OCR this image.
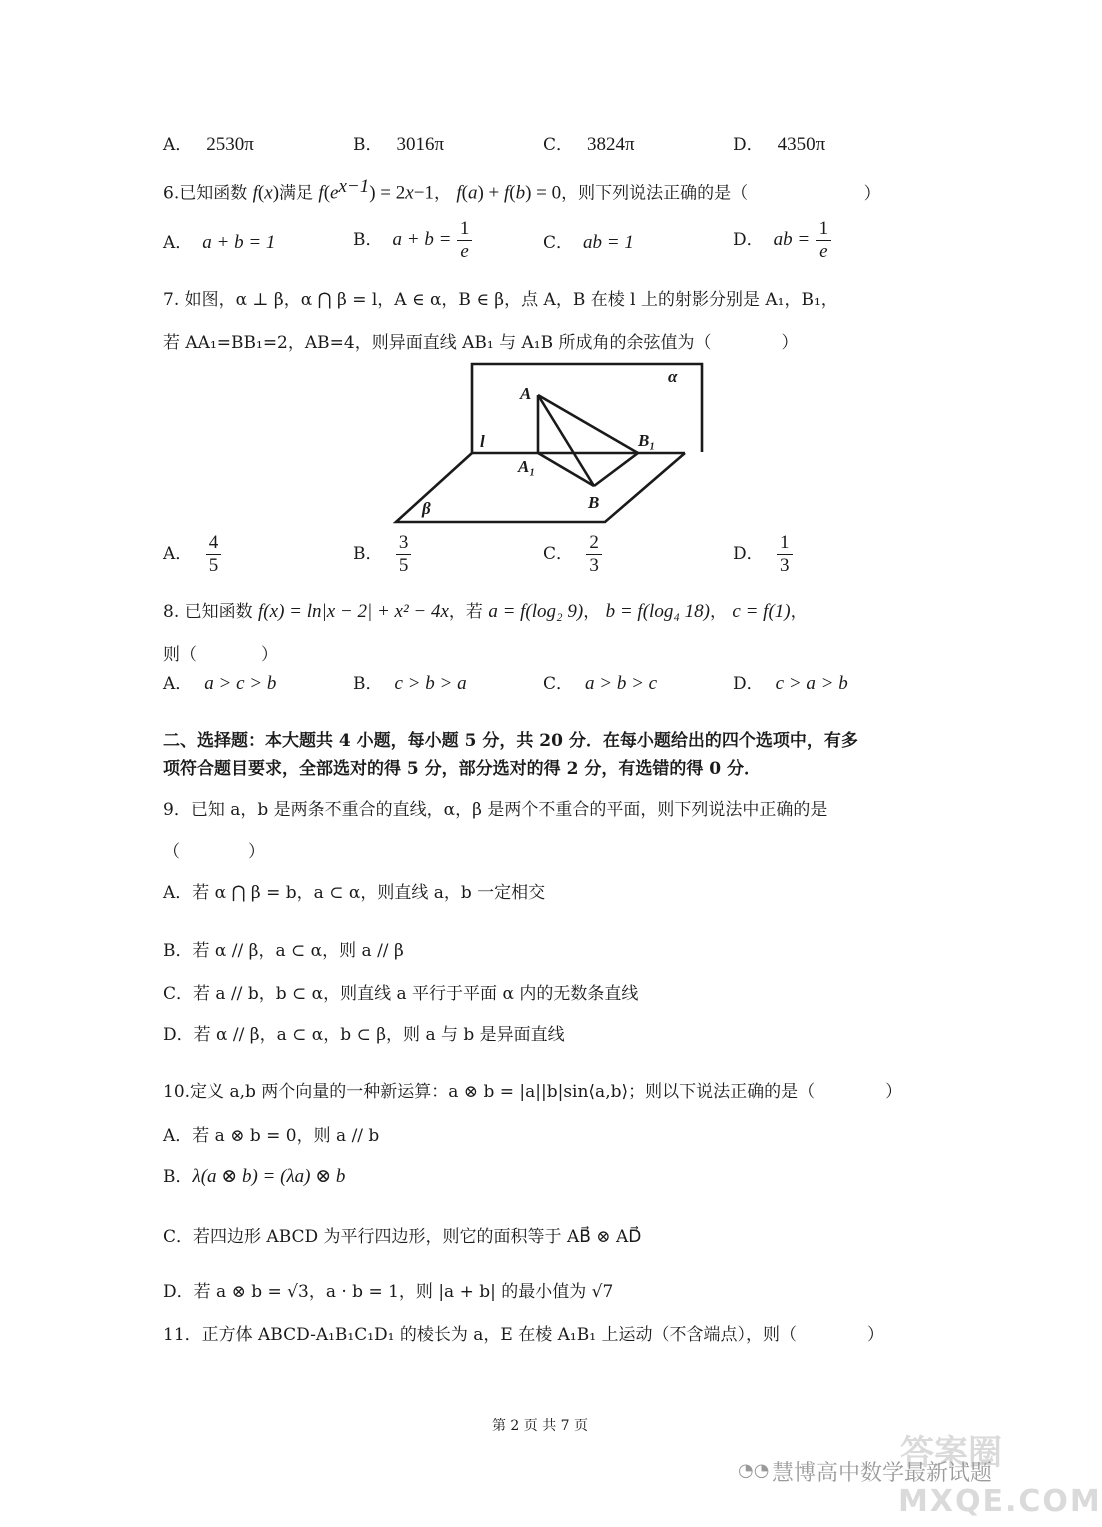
A． 2530π	B． 3016π	C． 3824π	D． 4350π
6.已知函数 f(x)满足 $f(e^{x-1}) = 2x-1$， f(a) + f(b) = 0，则下列说法正确的是（	）
A． a + b = 1	B． $a + b = \frac{1}{e}$	C． ab = 1	D． ab = $\frac{1}{e}$
7. 如图，α ⊥ β，α ⋂ β = l，A ∈ α，B ∈ β，点 A，B 在棱 l 上的射影分别是 A₁，B₁，
若 AA₁=BB₁=2，AB=4，则异面直线 AB₁ 与 A₁B 所成角的余弦值为（	）
α
l
A
A₁
B₁
B
β
A． $\frac{4}{5}$	B． $\frac{3}{5}$	C． $\frac{2}{3}$	D． $\frac{1}{3}$
8. 已知函数 f(x) = ln|x − 2| + x² − 4x，若 a = f(log₂ 9)， b = f(log₄ 18)， c = f(1)，
则（	）
A． a > c > b	B． c > b > a	C． a > b > c	D． c > a > b
二、选择题：本大题共 4 小题，每小题 5 分，共 20 分．在每小题给出的四个选项中，有多
项符合题目要求，全部选对的得 5 分，部分选对的得 2 分，有选错的得 0 分．
9．已知 a，b 是两条不重合的直线，α，β 是两个不重合的平面，则下列说法中正确的是
（　　　　）
A．若 α ⋂ β = b，a ⊂ α，则直线 a，b 一定相交
B．若 α // β，a ⊂ α，则 a // β
C．若 a // b，b ⊂ α，则直线 a 平行于平面 α 内的无数条直线
D．若 α // β，a ⊂ α，b ⊂ β，则 a 与 b 是异面直线
10.定义 a,b 两个向量的一种新运算：a ⊗ b = |a||b|sin⟨a,b⟩；则以下说法正确的是（	）
A．若 a ⊗ b = 0，则 a // b
B．λ(a ⊗ b) = (λa) ⊗ b
C．若四边形 ABCD 为平行四边形，则它的面积等于 AB⃗ ⊗ AD⃗
D．若 a ⊗ b = √3，a · b = 1，则 |a + b| 的最小值为 √7
11．正方体 ABCD-A₁B₁C₁D₁ 的棱长为 a，E 在棱 A₁B₁ 上运动（不含端点），则（	）
第 2 页 共 7 页
◔◔ 慧博高中数学最新试题
答案圈
MXQE.COM
